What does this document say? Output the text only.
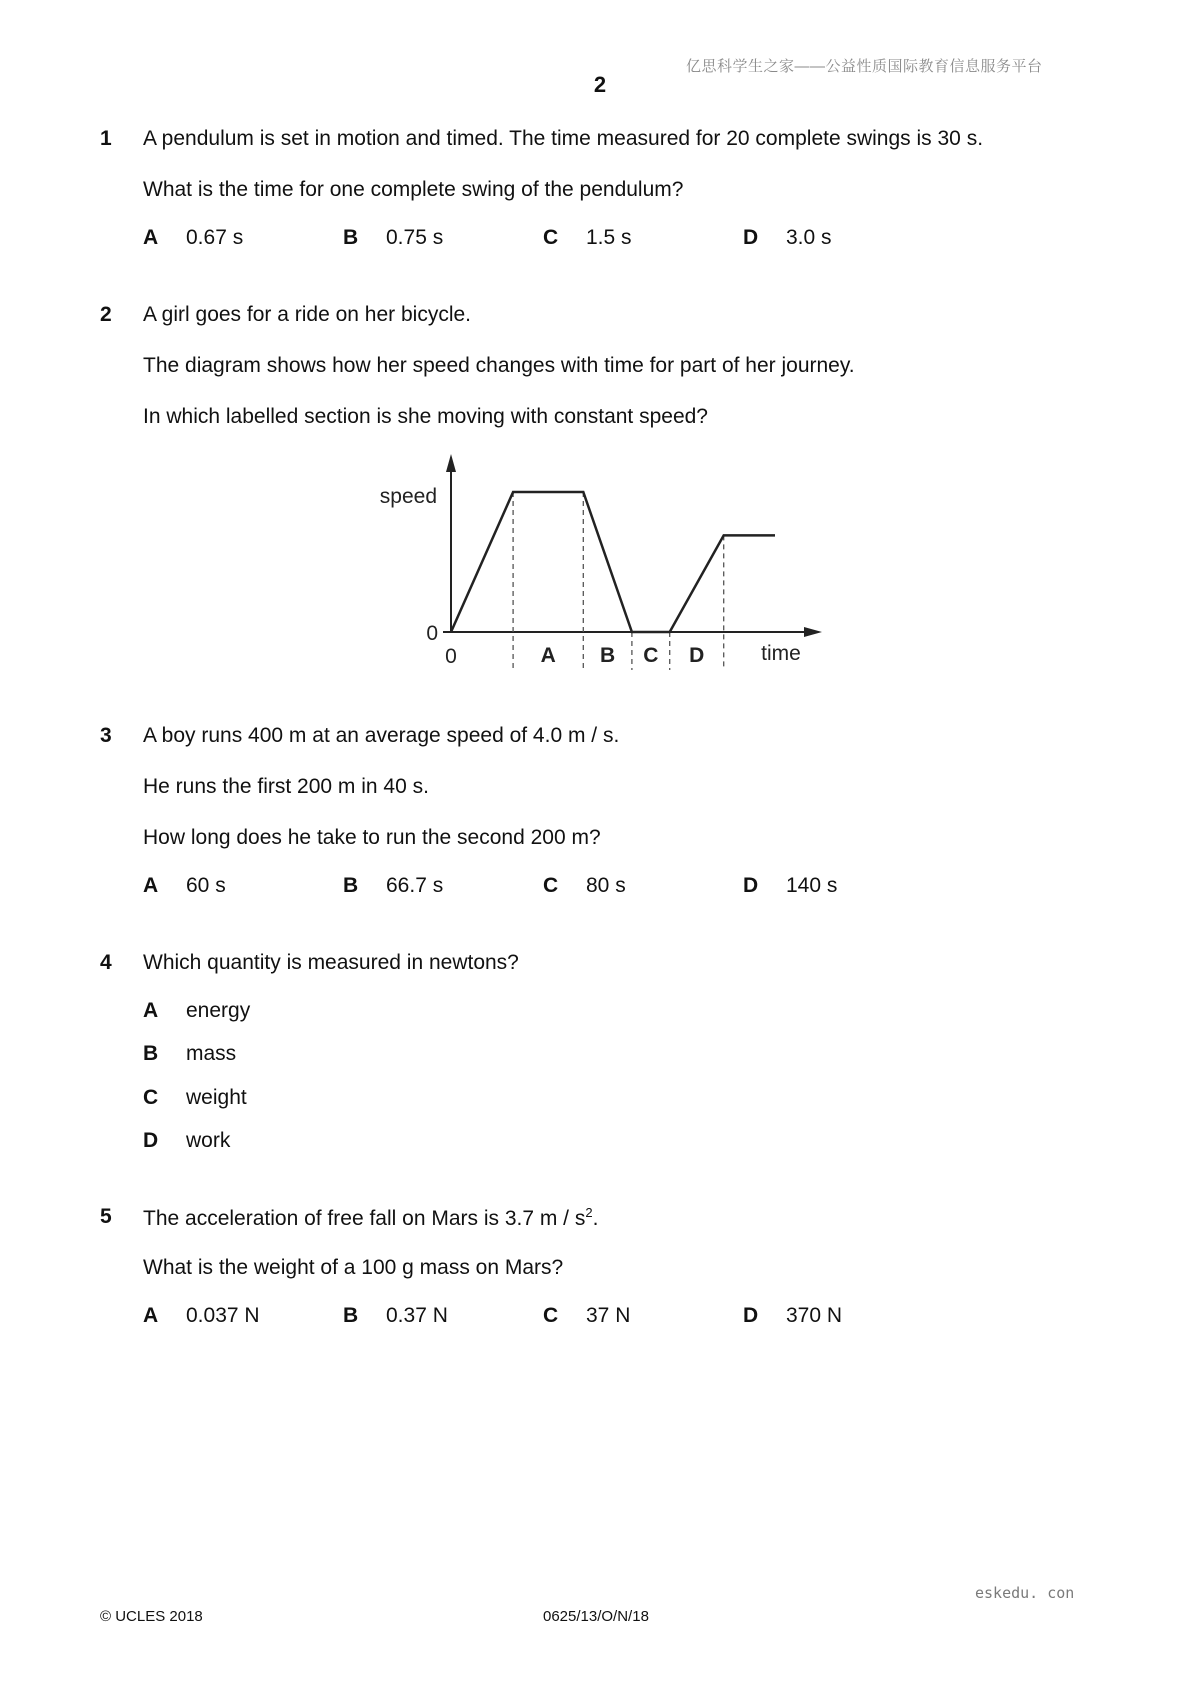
亿思科学生之家——公益性质国际教育信息服务平台
2
1 A pendulum is set in motion and timed. The time measured for 20 complete swings is 30 s.
What is the time for one complete swing of the pendulum?
A 0.67 s	B 0.75 s	C 1.5 s	D 3.0 s
2 A girl goes for a ride on her bicycle.
The diagram shows how her speed changes with time for part of her journey.
In which labelled section is she moving with constant speed?
speed
0
0	time
A B C D
3 A boy runs 400 m at an average speed of 4.0 m / s.
He runs the first 200 m in 40 s.
How long does he take to run the second 200 m?
A 60 s	B 66.7 s	C 80 s	D 140 s
4 Which quantity is measured in newtons?
A energy
B mass
C weight
D work
5 The acceleration of free fall on Mars is 3.7 m / $s^2$.
What is the weight of a 100 g mass on Mars?
A 0.037 N	B 0.37 N	C 37 N	D 370 N
eskedu. con
© UCLES 2018	0625/13/O/N/18
